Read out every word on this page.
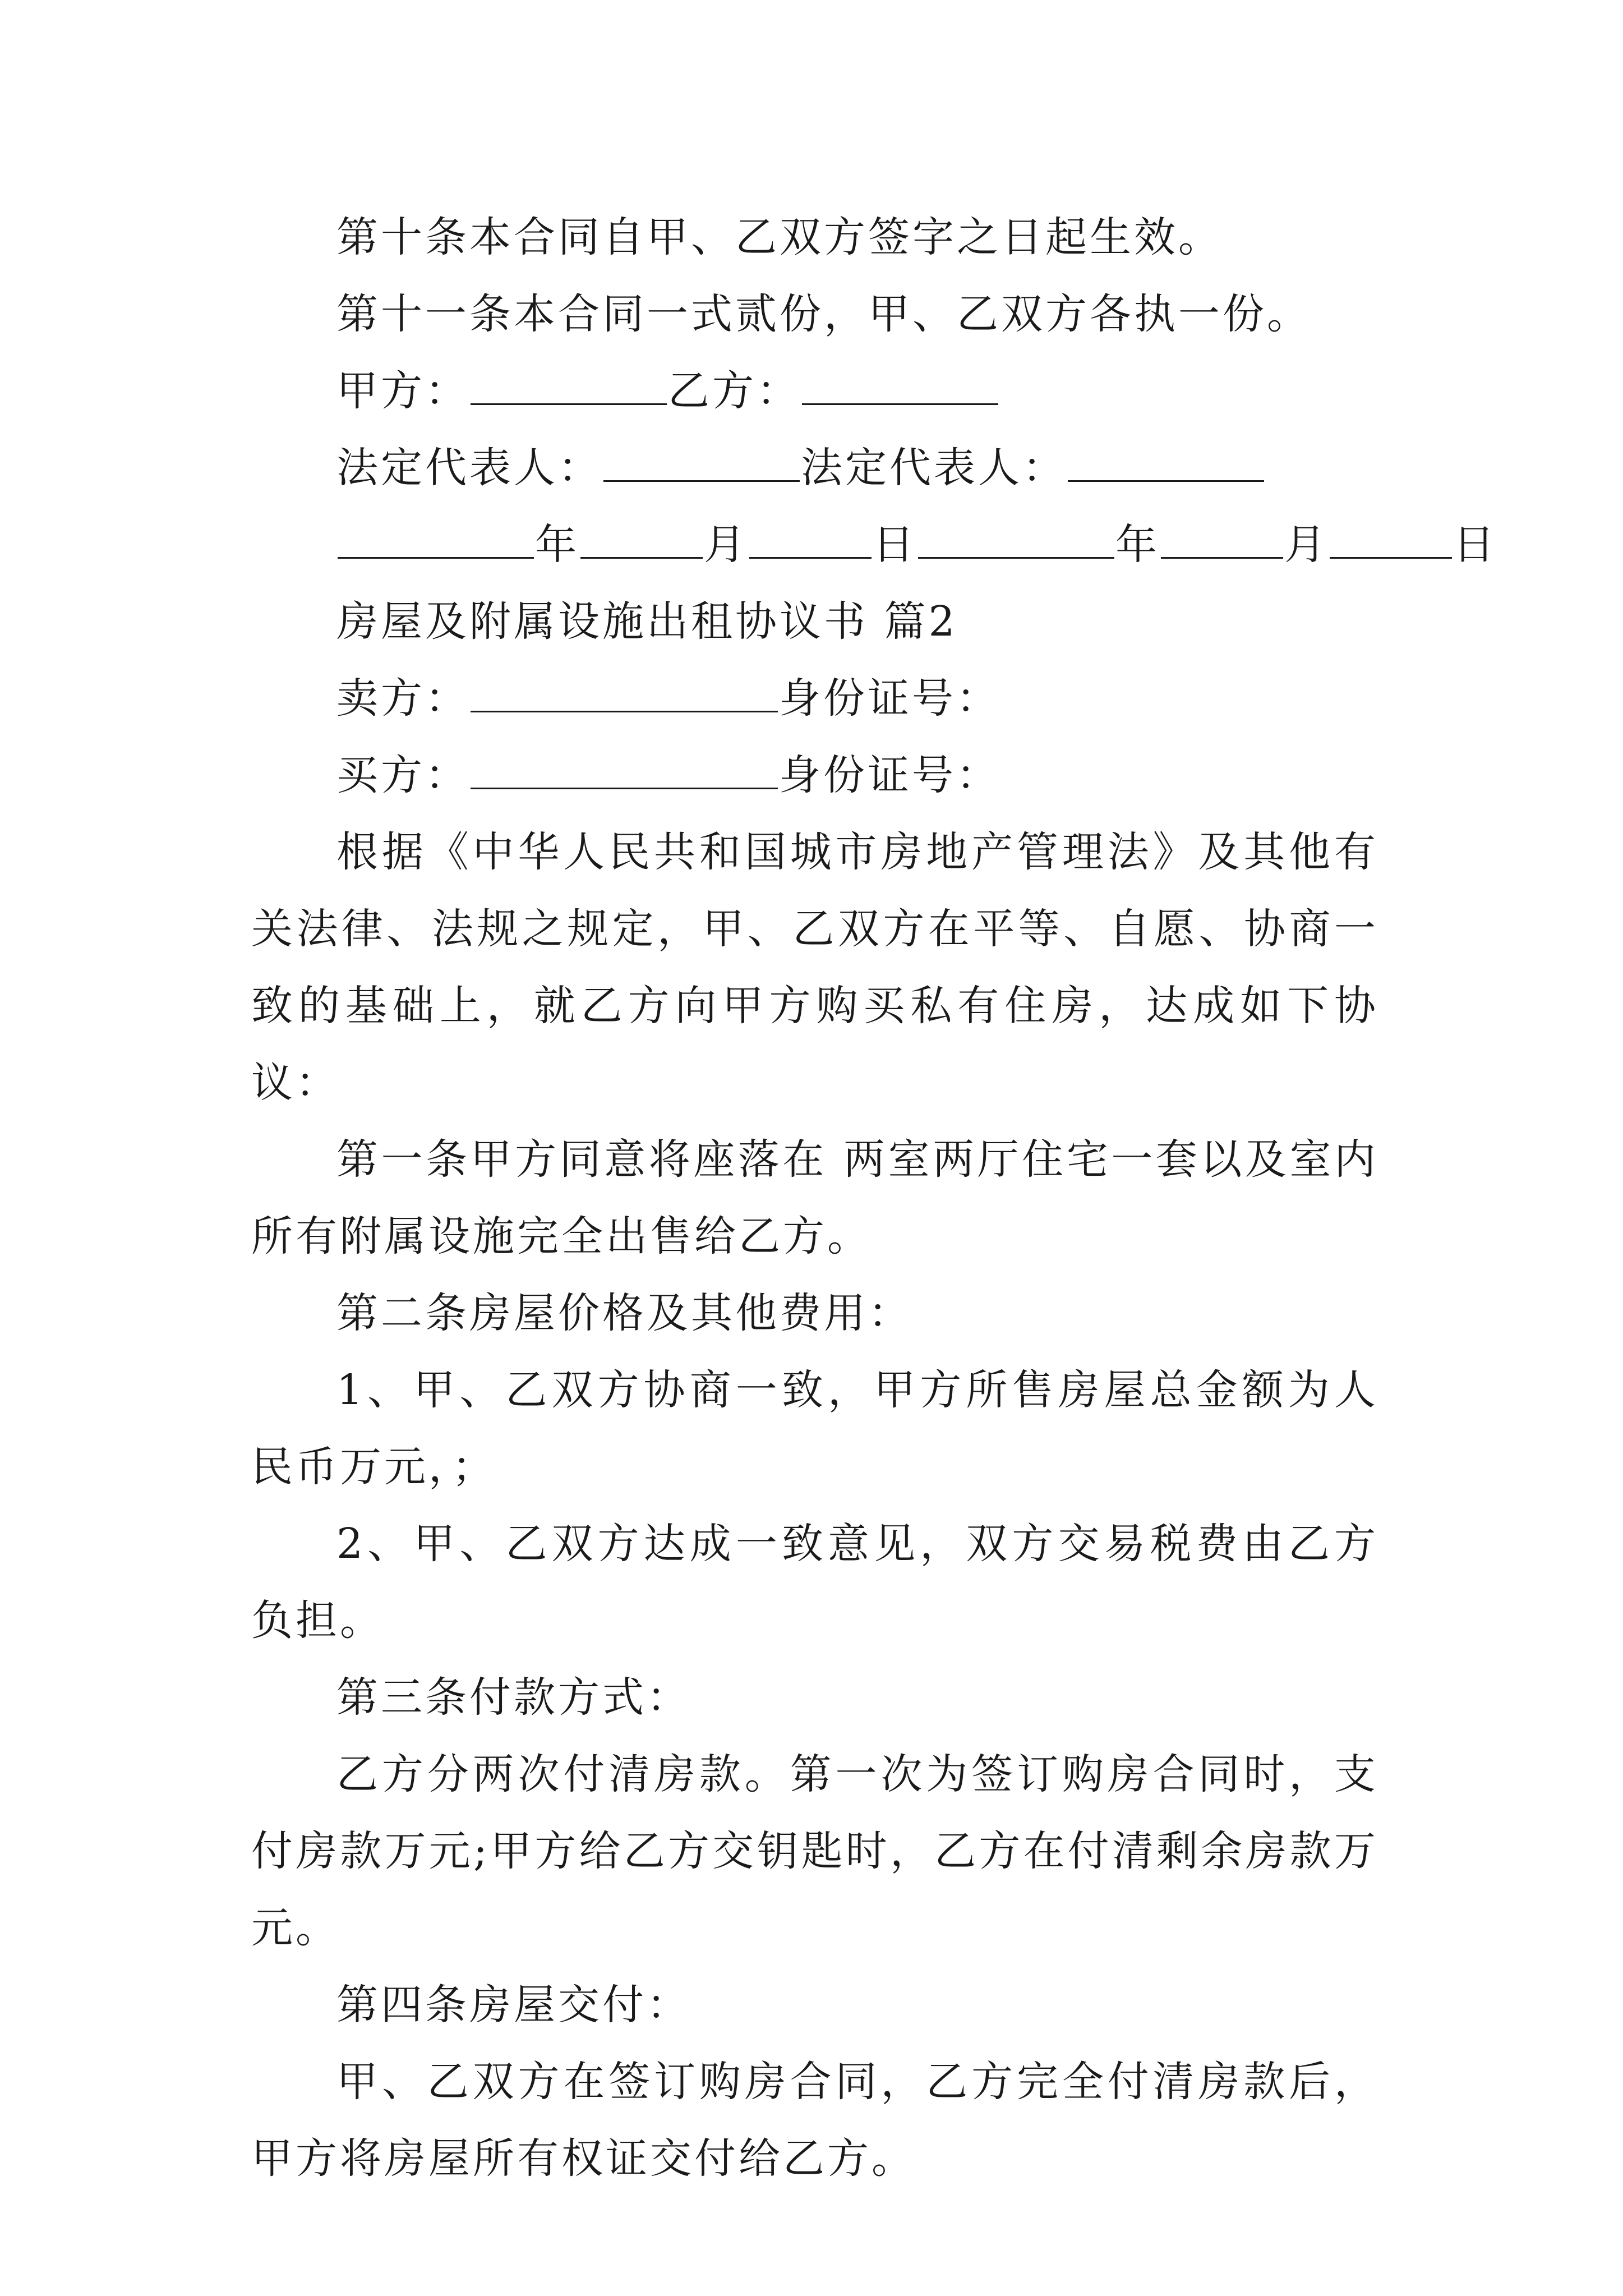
第十条本合同自甲、乙双方签字之日起生效。

第十一条本合同一式贰份，甲、乙双方各执一份。

甲方：	乙方：

法定代表人：	法定代表人：

年	月	日	年	月	日

房屋及附属设施出租协议书 篇2

卖方：	身份证号：

买方：	身份证号：

根据《中华人民共和国城市房地产管理法》及其他有关法律、法规之规定，甲、乙双方在平等、自愿、协商一致的基础上，就乙方向甲方购买私有住房，达成如下协议：

第一条甲方同意将座落在 两室两厅住宅一套以及室内所有附属设施完全出售给乙方。

第二条房屋价格及其他费用：

1、甲、乙双方协商一致，甲方所售房屋总金额为人民币万元，；

2、甲、乙双方达成一致意见，双方交易税费由乙方负担。

第三条付款方式：

乙方分两次付清房款。第一次为签订购房合同时，支付房款万元;甲方给乙方交钥匙时，乙方在付清剩余房款万元。

第四条房屋交付：

甲、乙双方在签订购房合同，乙方完全付清房款后，甲方将房屋所有权证交付给乙方。
